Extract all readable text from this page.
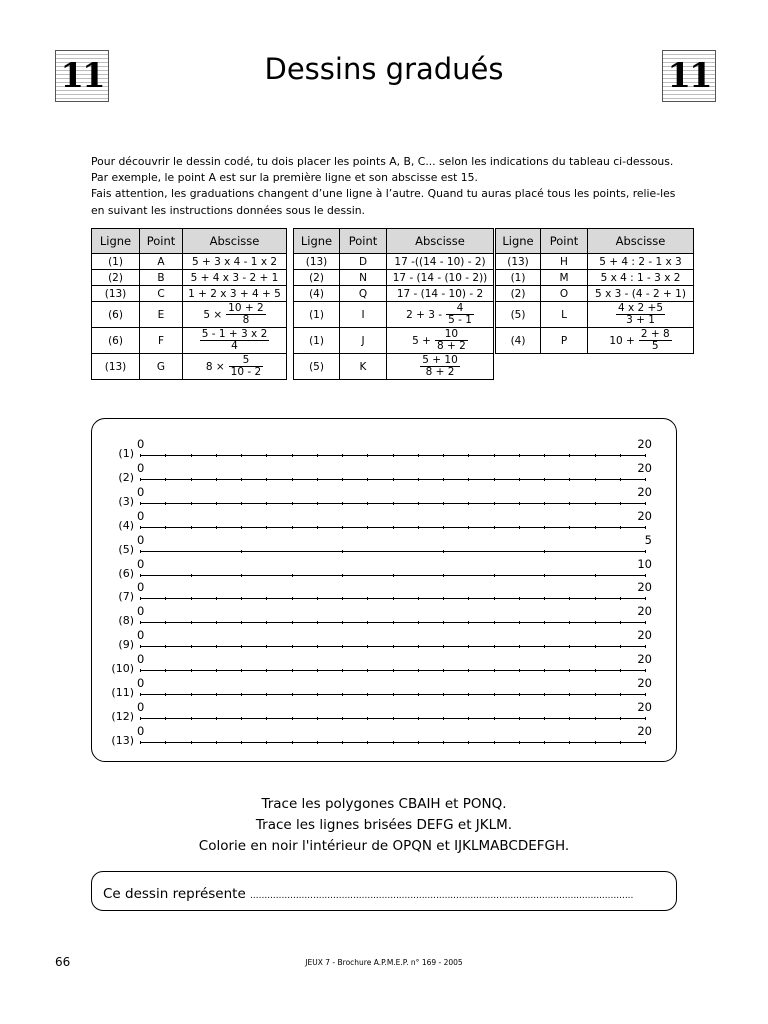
11	11
Dessins gradués

Pour découvrir le dessin codé, tu dois placer les points A, B, C... selon les indications du tableau ci-dessous.

Par exemple, le point A est sur la première ligne et son abscisse est 15.

Fais attention, les graduations changent d’une ligne à l’autre. Quand tu auras placé tous les points, relie-les

en suivant les instructions données sous le dessin.

Ligne	Point	Abscisse
(1)	A	5 + 3 x 4 - 1 x 2
(2)	B	5 + 4 x 3 - 2 + 1
(13)	C	1 + 2 x 3 + 4 + 5
(6)	E	$5 \times \frac{10 + 2}{8}$

(6)	F	$\frac{5 - 1 + 3 x 2}{4}$

(13)	G	$8 \times \frac{5}{10 - 2}$
Ligne	Point	Abscisse
(13)	D	17 -((14 - 10) - 2)
(2)	N	17 - (14 - (10 - 2))
(4)	Q	17 - (14 - 10) - 2
(1)	I	$2 + 3 - \frac{4}{5 - 1}$

(1)	J	$5 + \frac{10}{8 + 2}$

(5)	K	$\frac{5 + 10}{8 + 2}$
Ligne	Point	Abscisse
(13)	H	5 + 4 : 2 - 1 x 3
(1)	M	5 x 4 : 1 - 3 x 2
(2)	O	5 x 3 - (4 - 2 + 1)
(5)	L	$\frac{4 x 2 +5}{3 + 1}$

(4)	P	$10 + \frac{2 + 8}{5}$
(1)
0	20
(2)
0	20
(3)
0	20
(4)
0	20
(5)
0	5
(6)
0	10
(7)
0	20
(8)
0	20
(9)
0	20
(10)
0	20
(11)
0	20
(12)
0	20
(13)
0	20
Trace les polygones CBAIH et PONQ.
Trace les lignes brisées DEFG et JKLM.
Colorie en noir l'intérieur de OPQN et IJKLMABCDEFGH.
Ce dessin représente ......................................................................................................................................
66	JEUX 7 - Brochure A.P.M.E.P. n° 169 - 2005
